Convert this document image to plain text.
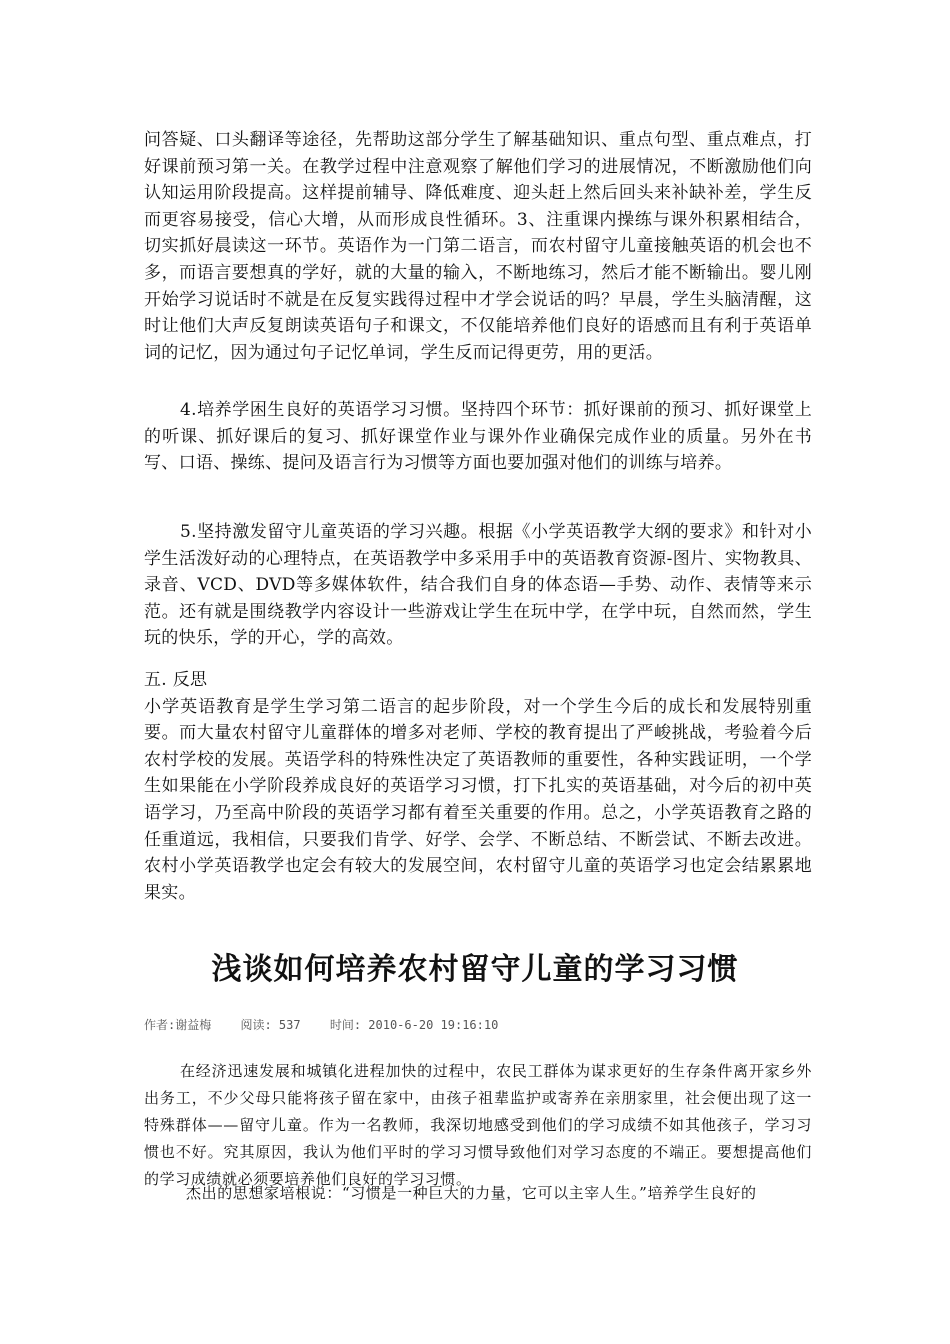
问答疑、口头翻译等途径，先帮助这部分学生了解基础知识、重点句型、重点难点，打好课前预习第一关。在教学过程中注意观察了解他们学习的进展情况，不断激励他们向认知运用阶段提高。这样提前辅导、降低难度、迎头赶上然后回头来补缺补差，学生反而更容易接受，信心大增，从而形成良性循环。3、注重课内操练与课外积累相结合，切实抓好晨读这一环节。英语作为一门第二语言，而农村留守儿童接触英语的机会也不多，而语言要想真的学好，就的大量的输入，不断地练习，然后才能不断输出。婴儿刚开始学习说话时不就是在反复实践得过程中才学会说话的吗？早晨，学生头脑清醒，这时让他们大声反复朗读英语句子和课文，不仅能培养他们良好的语感而且有利于英语单词的记忆，因为通过句子记忆单词，学生反而记得更劳，用的更活。

4.培养学困生良好的英语学习习惯。坚持四个环节：抓好课前的预习、抓好课堂上的听课、抓好课后的复习、抓好课堂作业与课外作业确保完成作业的质量。另外在书写、口语、操练、提问及语言行为习惯等方面也要加强对他们的训练与培养。

5.坚持激发留守儿童英语的学习兴趣。根据《小学英语教学大纲的要求》和针对小学生活泼好动的心理特点，在英语教学中多采用手中的英语教育资源-图片、实物教具、录音、VCD、DVD等多媒体软件，结合我们自身的体态语—手势、动作、表情等来示范。还有就是围绕教学内容设计一些游戏让学生在玩中学，在学中玩，自然而然，学生玩的快乐，学的开心，学的高效。

五. 反思
小学英语教育是学生学习第二语言的起步阶段，对一个学生今后的成长和发展特别重要。而大量农村留守儿童群体的增多对老师、学校的教育提出了严峻挑战，考验着今后农村学校的发展。英语学科的特殊性决定了英语教师的重要性，各种实践证明，一个学生如果能在小学阶段养成良好的英语学习习惯，打下扎实的英语基础，对今后的初中英语学习，乃至高中阶段的英语学习都有着至关重要的作用。总之，小学英语教育之路的任重道远，我相信，只要我们肯学、好学、会学、不断总结、不断尝试、不断去改进。农村小学英语教学也定会有较大的发展空间，农村留守儿童的英语学习也定会结累累地果实。
浅谈如何培养农村留守儿童的学习习惯
作者:谢益梅 阅读: 537 时间: 2010-6-20 19:16:10

在经济迅速发展和城镇化进程加快的过程中，农民工群体为谋求更好的生存条件离开家乡外出务工，不少父母只能将孩子留在家中，由孩子祖辈监护或寄养在亲朋家里，社会便出现了这一特殊群体——留守儿童。作为一名教师，我深切地感受到他们的学习成绩不如其他孩子，学习习惯也不好。究其原因，我认为他们平时的学习习惯导致他们对学习态度的不端正。要想提高他们的学习成绩就必须要培养他们良好的学习习惯。

杰出的思想家培根说：“习惯是一种巨大的力量，它可以主宰人生。”培养学生良好的
